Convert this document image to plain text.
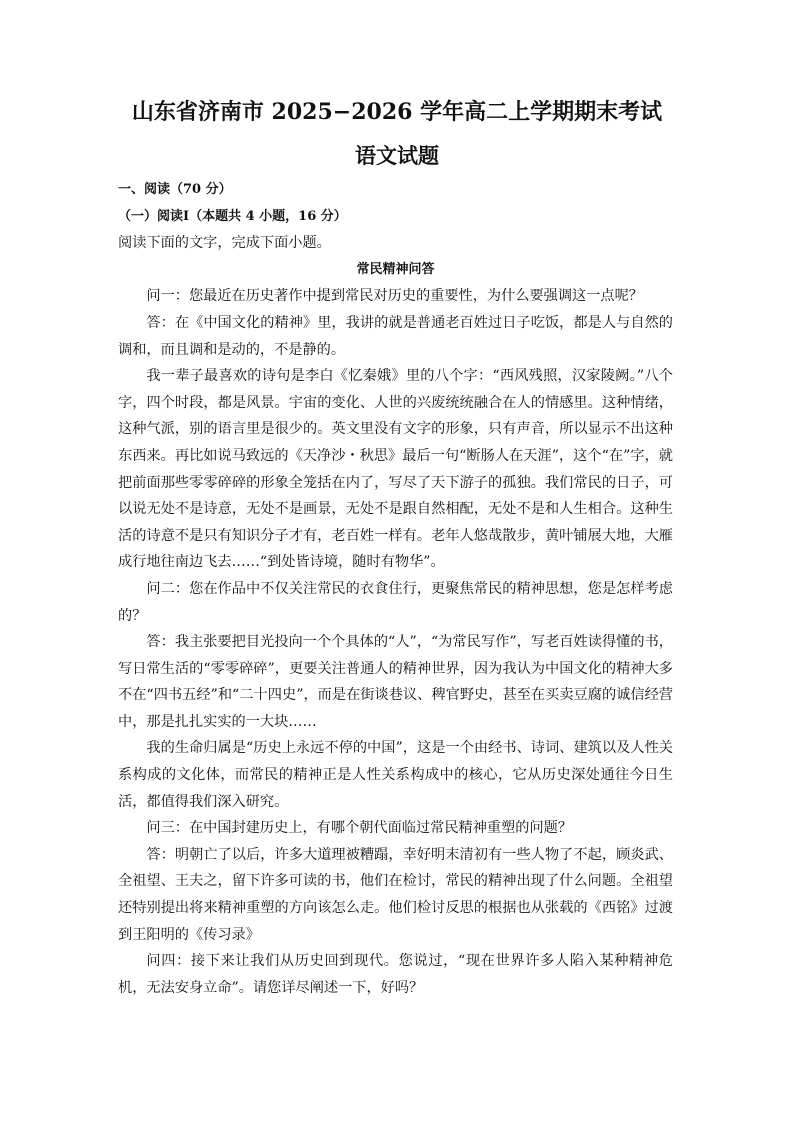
山东省济南市 2025−2026 学年高二上学期期末考试
语文试题

一、阅读（70 分）

（一）阅读Ⅰ（本题共 4 小题，16 分）

阅读下面的文字，完成下面小题。

常民精神问答

问一：您最近在历史著作中提到常民对历史的重要性，为什么要强调这一点呢？

答：在《中国文化的精神》里，我讲的就是普通老百姓过日子吃饭，都是人与自然的调和，而且调和是动的，不是静的。

我一辈子最喜欢的诗句是李白《忆秦娥》里的八个字：“西风残照，汉家陵阙。”八个字，四个时段，都是风景。宇宙的变化、人世的兴废统统融合在人的情感里。这种情绪，这种气派，别的语言里是很少的。英文里没有文字的形象，只有声音，所以显示不出这种东西来。再比如说马致远的《天净沙・秋思》最后一句“断肠人在天涯”，这个“在”字，就把前面那些零零碎碎的形象全笼括在内了，写尽了天下游子的孤独。我们常民的日子，可以说无处不是诗意，无处不是画景，无处不是跟自然相配，无处不是和人生相合。这种生活的诗意不是只有知识分子才有，老百姓一样有。老年人悠哉散步，黄叶铺展大地，大雁成行地往南边飞去……“到处皆诗境，随时有物华”。

问二：您在作品中不仅关注常民的衣食住行，更聚焦常民的精神思想，您是怎样考虑的？

答：我主张要把目光投向一个个具体的“人”，“为常民写作”，写老百姓读得懂的书，写日常生活的“零零碎碎”，更要关注普通人的精神世界，因为我认为中国文化的精神大多不在“四书五经”和“二十四史”，而是在街谈巷议、稗官野史，甚至在买卖豆腐的诚信经营中，那是扎扎实实的一大块……

我的生命归属是“历史上永远不停的中国”，这是一个由经书、诗词、建筑以及人性关系构成的文化体，而常民的精神正是人性关系构成中的核心，它从历史深处通往今日生活，都值得我们深入研究。

问三：在中国封建历史上，有哪个朝代面临过常民精神重塑的问题？

答：明朝亡了以后，许多大道理被糟蹋，幸好明末清初有一些人物了不起，顾炎武、全祖望、王夫之，留下许多可读的书，他们在检讨，常民的精神出现了什么问题。全祖望还特别提出将来精神重塑的方向该怎么走。他们检讨反思的根据也从张载的《西铭》过渡到王阳明的《传习录》

问四：接下来让我们从历史回到现代。您说过，“现在世界许多人陷入某种精神危机，无法安身立命”。请您详尽阐述一下，好吗？
